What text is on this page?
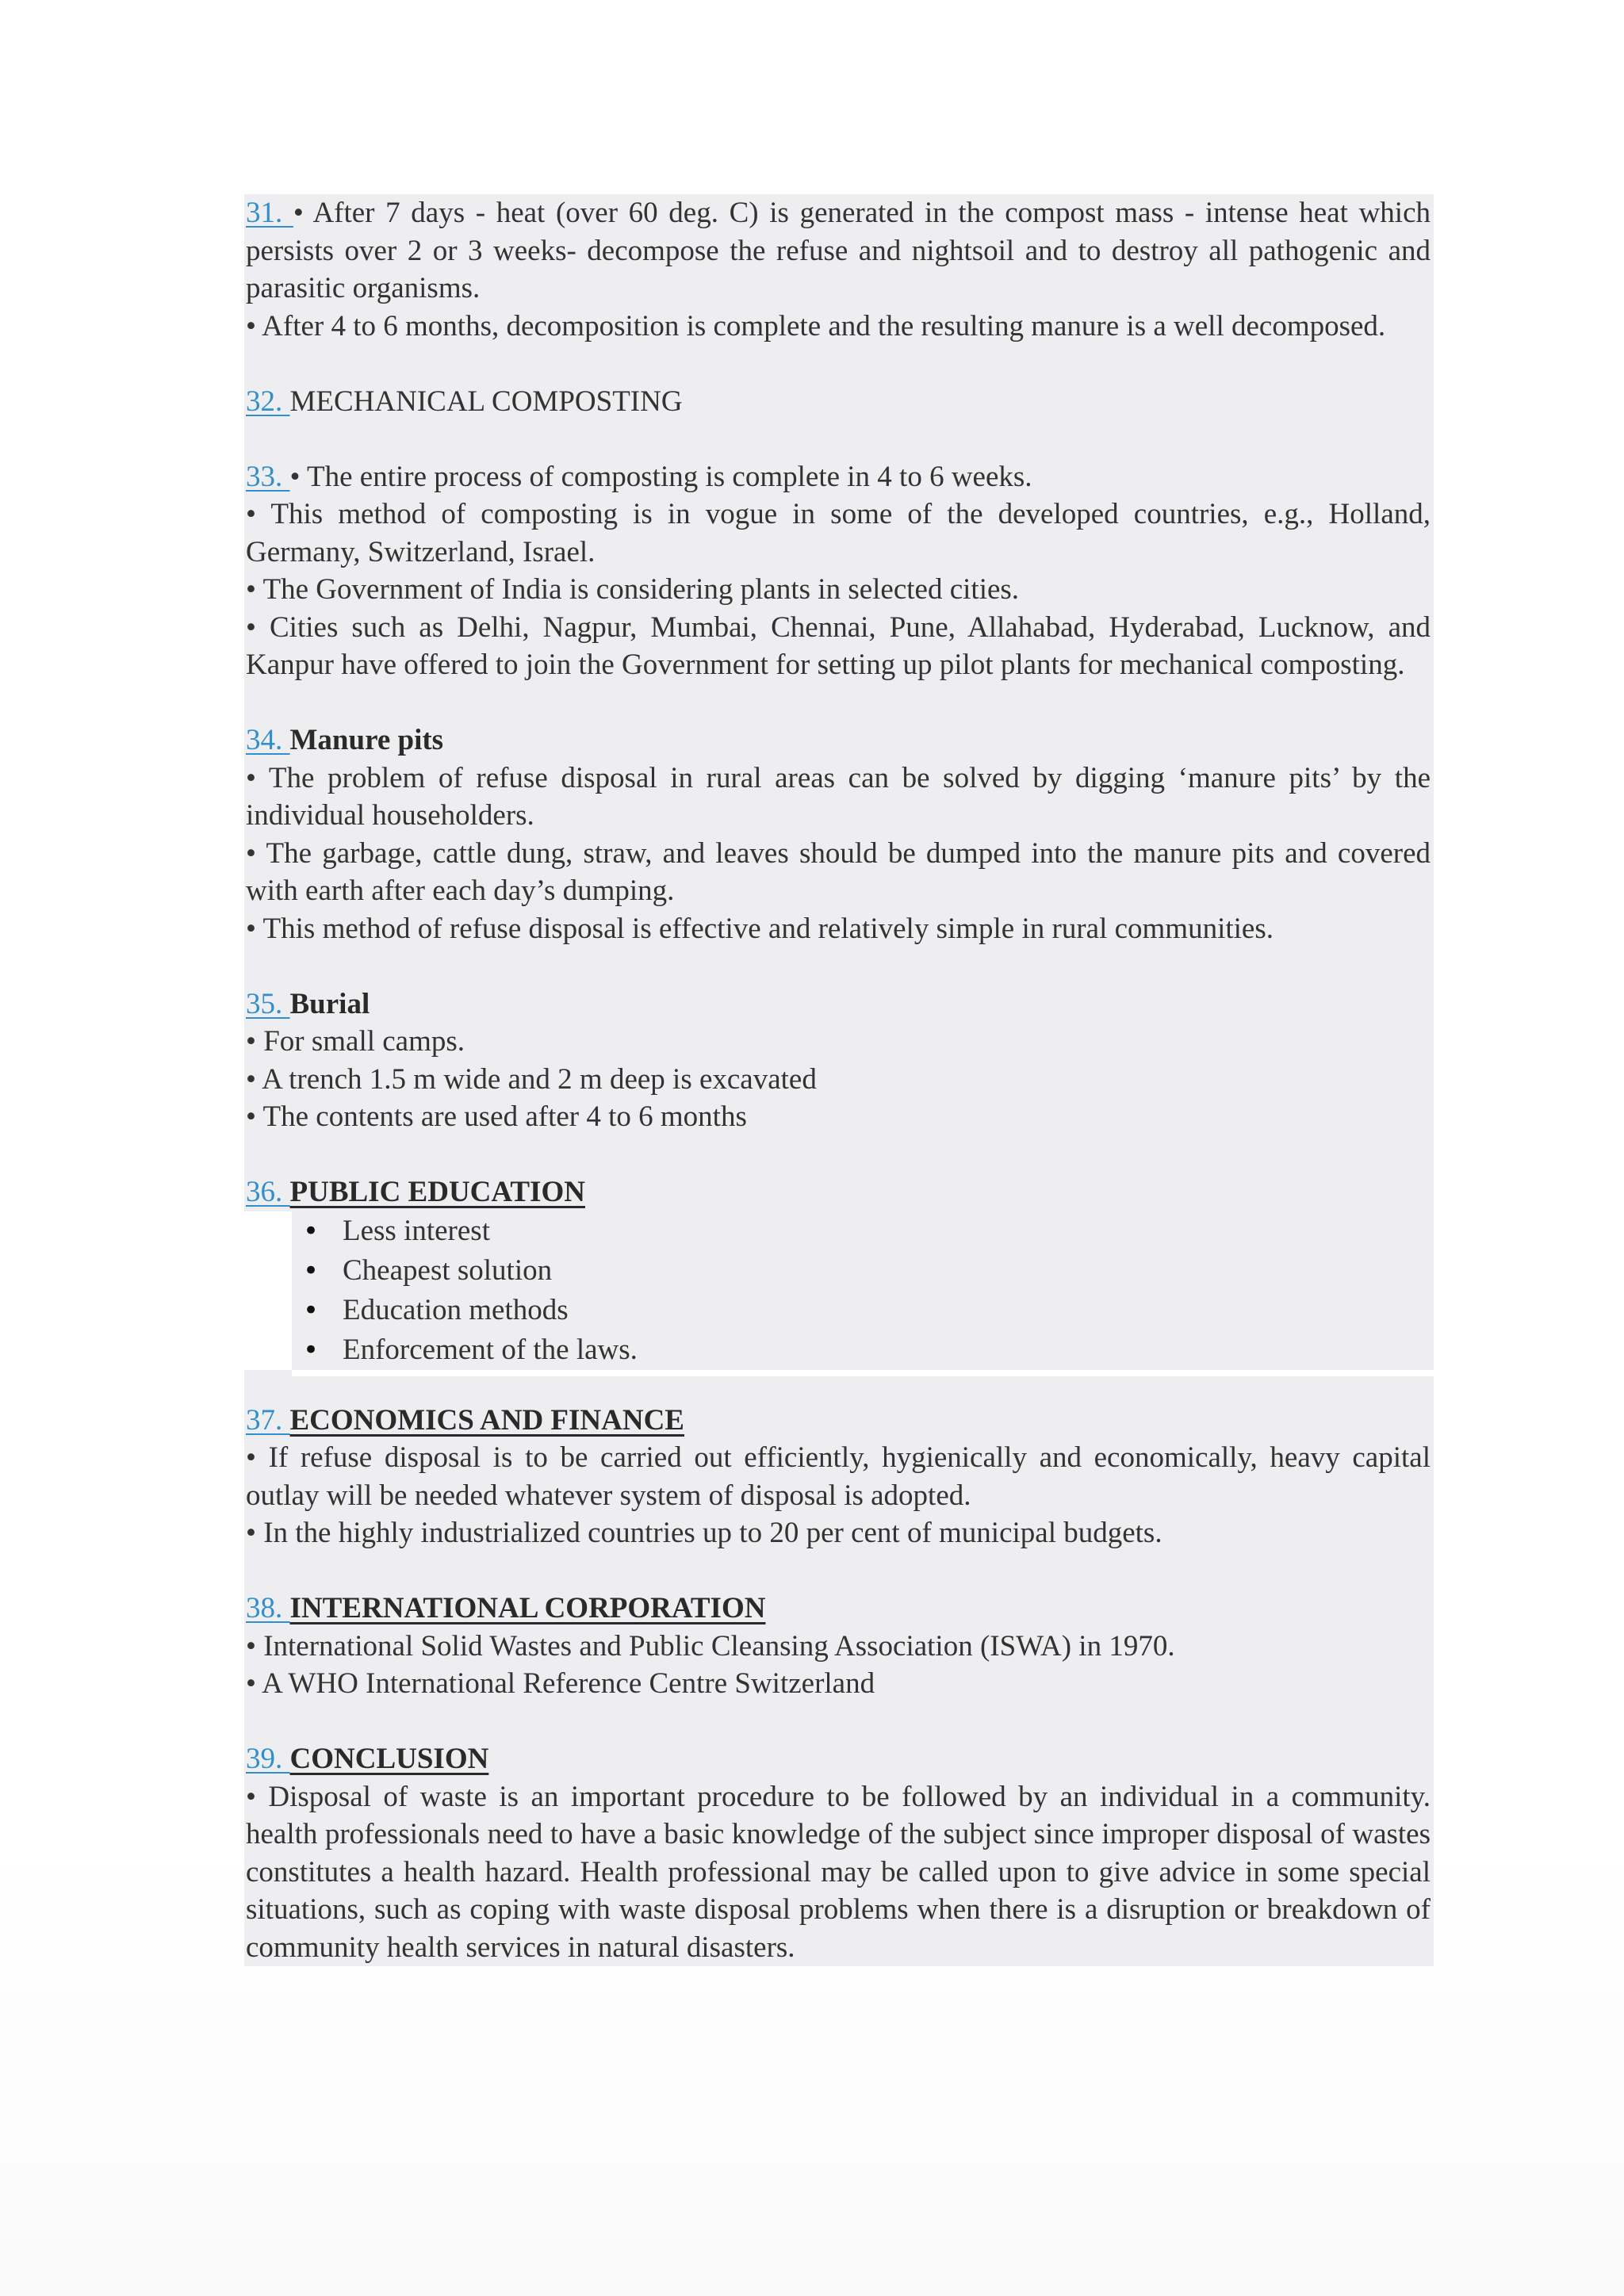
31. • After 7 days - heat (over 60 deg. C) is generated in the compost mass - intense heat which persists over 2 or 3 weeks- decompose the refuse and nightsoil and to destroy all pathogenic and parasitic organisms.
• After 4 to 6 months, decomposition is complete and the resulting manure is a well decomposed.
32. MECHANICAL COMPOSTING
33. • The entire process of composting is complete in 4 to 6 weeks.
• This method of composting is in vogue in some of the developed countries, e.g., Holland, Germany, Switzerland, Israel.
• The Government of India is considering plants in selected cities.
• Cities such as Delhi, Nagpur, Mumbai, Chennai, Pune, Allahabad, Hyderabad, Lucknow, and Kanpur have offered to join the Government for setting up pilot plants for mechanical composting.
34. Manure pits
• The problem of refuse disposal in rural areas can be solved by digging ‘manure pits’ by the individual householders.
• The garbage, cattle dung, straw, and leaves should be dumped into the manure pits and covered with earth after each day’s dumping.
• This method of refuse disposal is effective and relatively simple in rural communities.
35. Burial
• For small camps.
• A trench 1.5 m wide and 2 m deep is excavated
• The contents are used after 4 to 6 months
36. PUBLIC EDUCATION
• Less interest
• Cheapest solution
• Education methods
• Enforcement of the laws.
37. ECONOMICS AND FINANCE
• If refuse disposal is to be carried out efficiently, hygienically and economically, heavy capital outlay will be needed whatever system of disposal is adopted.
• In the highly industrialized countries up to 20 per cent of municipal budgets.
38. INTERNATIONAL CORPORATION
• International Solid Wastes and Public Cleansing Association (ISWA) in 1970.
• A WHO International Reference Centre Switzerland
39. CONCLUSION
• Disposal of waste is an important procedure to be followed by an individual in a community. health professionals need to have a basic knowledge of the subject since improper disposal of wastes constitutes a health hazard. Health professional may be called upon to give advice in some special situations, such as coping with waste disposal problems when there is a disruption or breakdown of community health services in natural disasters.
